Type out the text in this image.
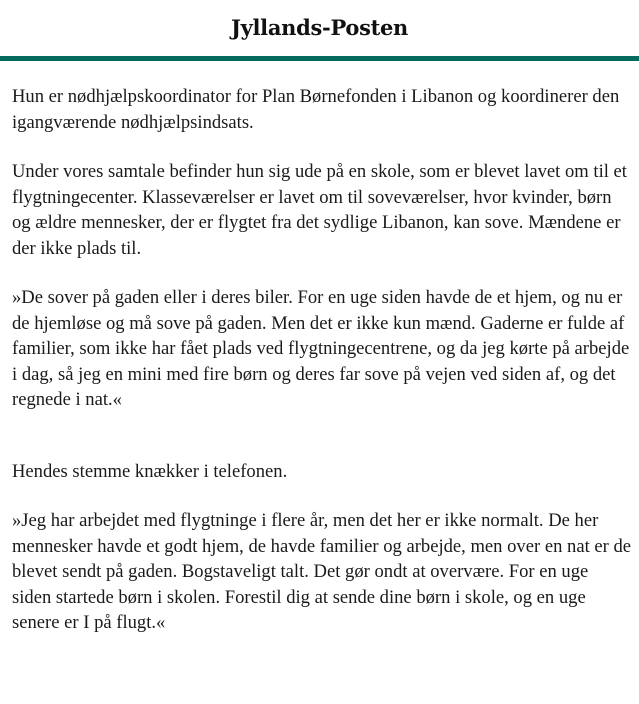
Jyllands-Posten

Hun er nødhjælpskoordinator for Plan Børnefonden i Libanon og koordinerer den igangværende nødhjælpsindsats.

Under vores samtale befinder hun sig ude på en skole, som er blevet lavet om til et flygtningecenter. Klasseværelser er lavet om til soveværelser, hvor kvinder, børn og ældre mennesker, der er flygtet fra det sydlige Libanon, kan sove. Mændene er der ikke plads til.

»De sover på gaden eller i deres biler. For en uge siden havde de et hjem, og nu er de hjemløse og må sove på gaden. Men det er ikke kun mænd. Gaderne er fulde af familier, som ikke har fået plads ved flygtningecentrene, og da jeg kørte på arbejde i dag, så jeg en mini med fire børn og deres far sove på vejen ved siden af, og det regnede i nat.«

Hendes stemme knækker i telefonen.

»Jeg har arbejdet med flygtninge i flere år, men det her er ikke normalt. De her mennesker havde et godt hjem, de havde familier og arbejde, men over en nat er de blevet sendt på gaden. Bogstaveligt talt. Det gør ondt at overvære. For en uge siden startede børn i skolen. Forestil dig at sende dine børn i skole, og en uge senere er I på flugt.«
